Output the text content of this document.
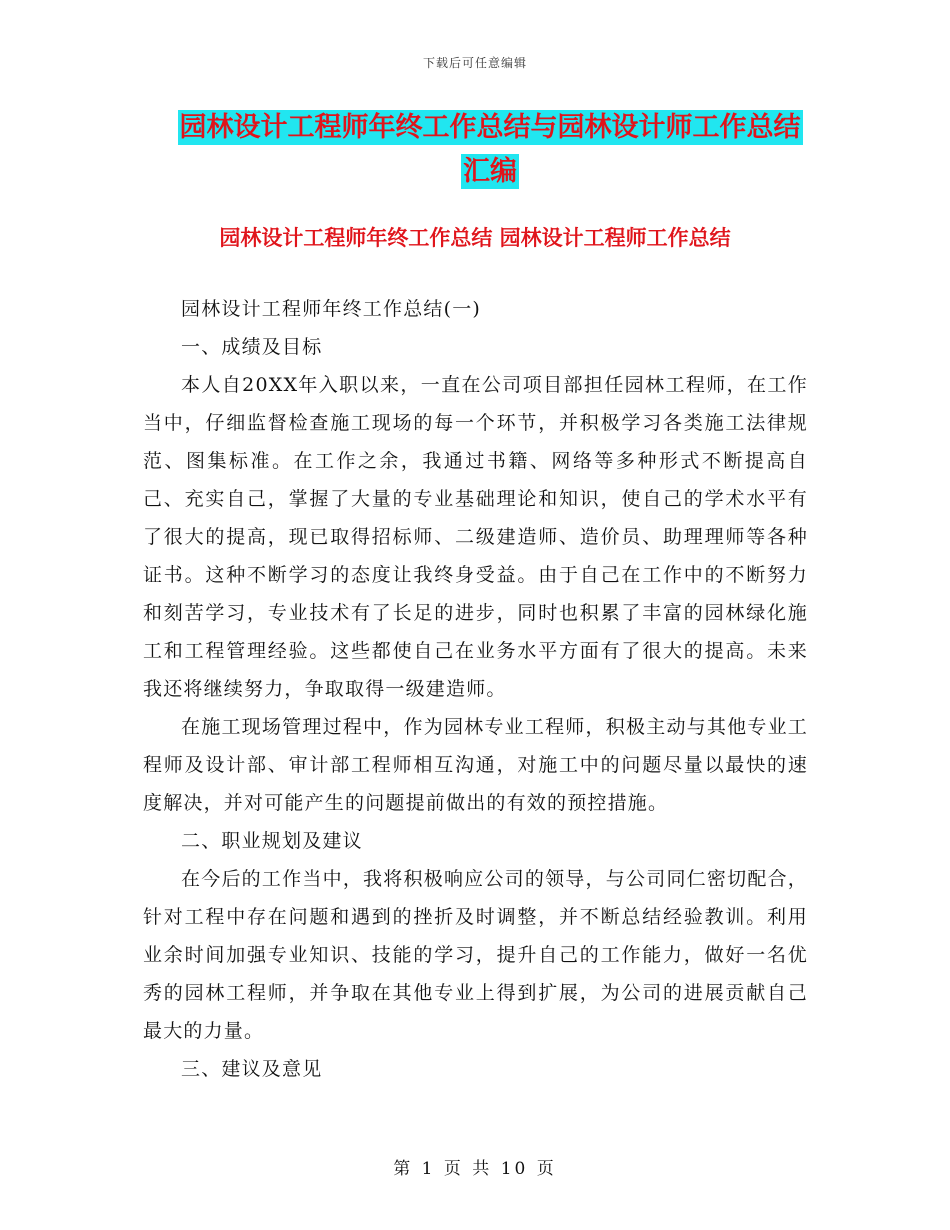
下载后可任意编辑
园林设计工程师年终工作总结与园林设计师工作总结
汇编
园林设计工程师年终工作总结 园林设计工程师工作总结

园林设计工程师年终工作总结(一)

一、成绩及目标

本人自20XX年入职以来，一直在公司项目部担任园林工程师，在工作当中，仔细监督检查施工现场的每一个环节，并积极学习各类施工法律规范、图集标准。在工作之余，我通过书籍、网络等多种形式不断提高自己、充实自己，掌握了大量的专业基础理论和知识，使自己的学术水平有了很大的提高，现已取得招标师、二级建造师、造价员、助理理师等各种证书。这种不断学习的态度让我终身受益。由于自己在工作中的不断努力和刻苦学习，专业技术有了长足的进步，同时也积累了丰富的园林绿化施工和工程管理经验。这些都使自己在业务水平方面有了很大的提高。未来我还将继续努力，争取取得一级建造师。

在施工现场管理过程中，作为园林专业工程师，积极主动与其他专业工程师及设计部、审计部工程师相互沟通，对施工中的问题尽量以最快的速度解决，并对可能产生的问题提前做出的有效的预控措施。

二、职业规划及建议

在今后的工作当中，我将积极响应公司的领导，与公司同仁密切配合，针对工程中存在问题和遇到的挫折及时调整，并不断总结经验教训。利用业余时间加强专业知识、技能的学习，提升自己的工作能力，做好一名优秀的园林工程师，并争取在其他专业上得到扩展，为公司的进展贡献自己最大的力量。

三、建议及意见

第 1 页 共 10 页
